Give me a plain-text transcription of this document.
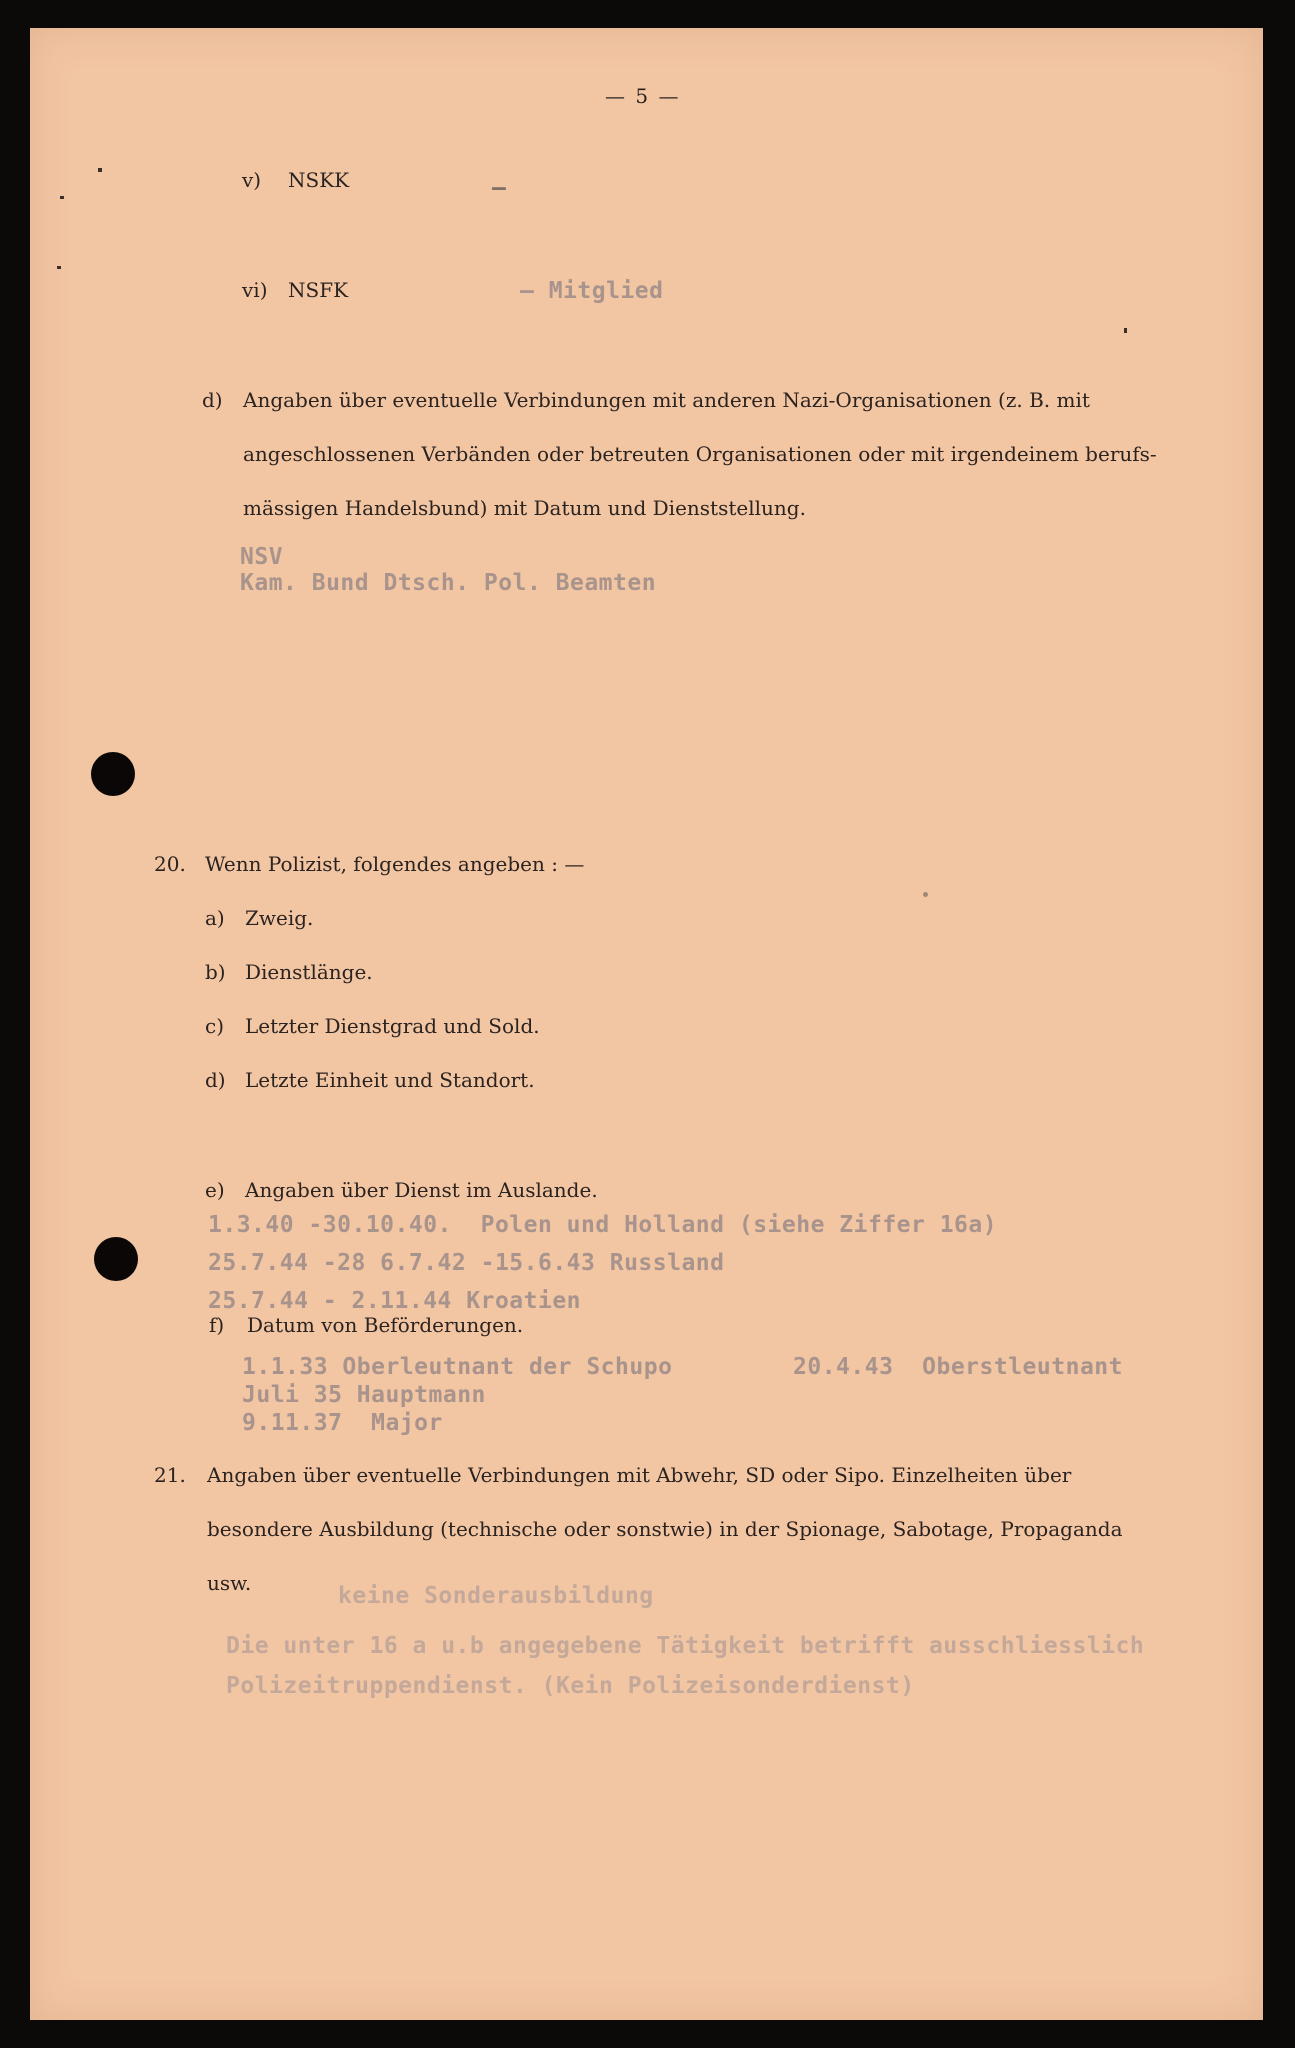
— 5 —
v) NSKK	—
vi) NSFK	— Mitglied
d) Angaben über eventuelle Verbindungen mit anderen Nazi-Organisationen (z. B. mit
angeschlossenen Verbänden oder betreuten Organisationen oder mit irgendeinem berufs-
mässigen Handelsbund) mit Datum und Dienststellung.
NSV
Kam. Bund Dtsch. Pol. Beamten
20. Wenn Polizist, folgendes angeben : —
a) Zweig.
b) Dienstlänge.
c) Letzter Dienstgrad und Sold.
d) Letzte Einheit und Standort.
e) Angaben über Dienst im Auslande.
1.3.40 -30.10.40.  Polen und Holland (siehe Ziffer 16a)
25.7.44 -28 6.7.42 -15.6.43 Russland
25.7.44 - 2.11.44 Kroatien
f) Datum von Beförderungen.
1.1.33 Oberleutnant der Schupo	20.4.43  Oberstleutnant
Juli 35 Hauptmann
9.11.37  Major
21. Angaben über eventuelle Verbindungen mit Abwehr, SD oder Sipo. Einzelheiten über
besondere Ausbildung (technische oder sonstwie) in der Spionage, Sabotage, Propaganda
usw.	keine Sonderausbildung
Die unter 16 a u.b angegebene Tätigkeit betrifft ausschliesslich
Polizeitruppendienst. (Kein Polizeisonderdienst)
